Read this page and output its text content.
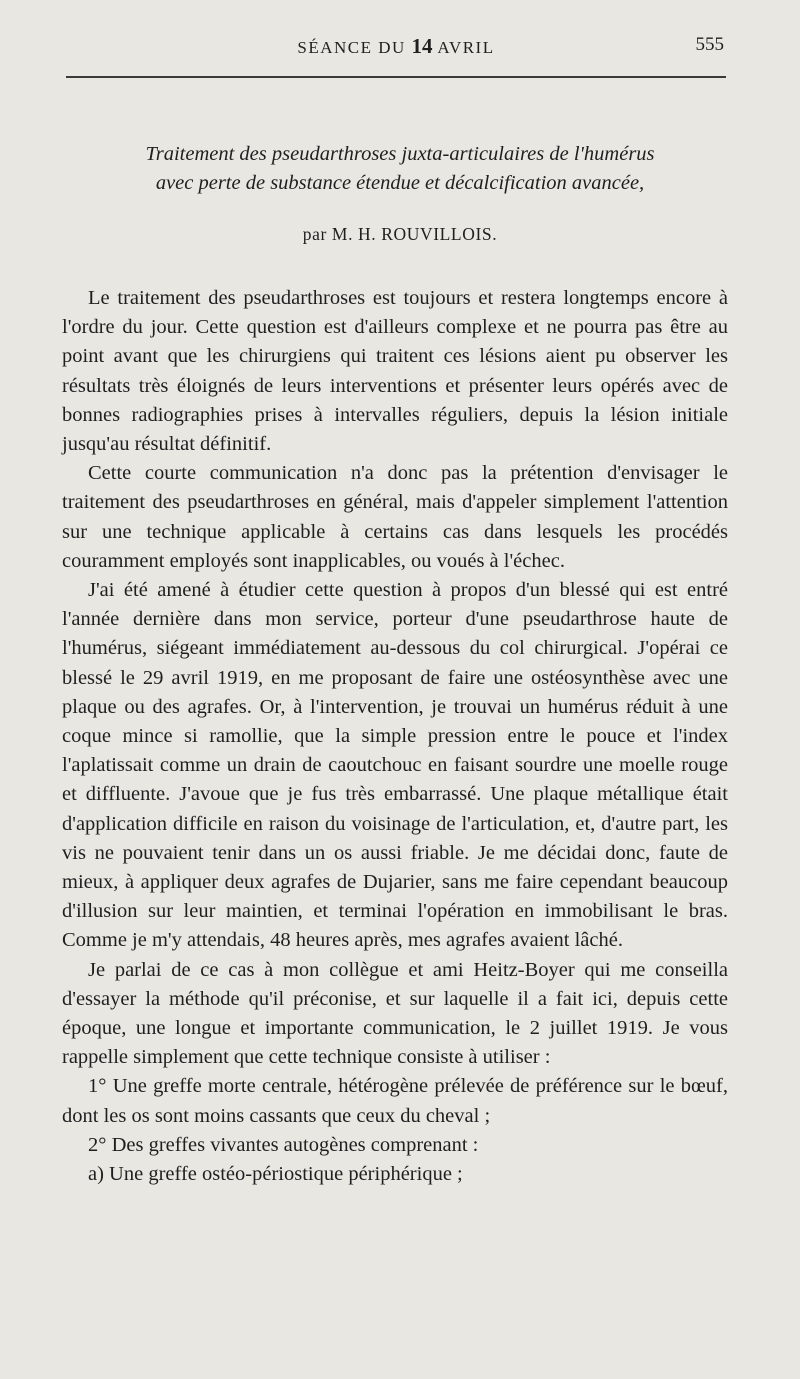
SÉANCE DU 14 AVRIL	555
Traitement des pseudarthroses juxta-articulaires de l'humérus
avec perte de substance étendue et décalcification avancée,
par M. H. ROUVILLOIS.

Le traitement des pseudarthroses est toujours et restera longtemps encore à l'ordre du jour. Cette question est d'ailleurs complexe et ne pourra pas être au point avant que les chirurgiens qui traitent ces lésions aient pu observer les résultats très éloignés de leurs interventions et présenter leurs opérés avec de bonnes radiographies prises à intervalles réguliers, depuis la lésion initiale jusqu'au résultat définitif.

Cette courte communication n'a donc pas la prétention d'envisager le traitement des pseudarthroses en général, mais d'appeler simplement l'attention sur une technique applicable à certains cas dans lesquels les procédés couramment employés sont inapplicables, ou voués à l'échec.

J'ai été amené à étudier cette question à propos d'un blessé qui est entré l'année dernière dans mon service, porteur d'une pseudarthrose haute de l'humérus, siégeant immédiatement au-dessous du col chirurgical. J'opérai ce blessé le 29 avril 1919, en me proposant de faire une ostéosynthèse avec une plaque ou des agrafes. Or, à l'intervention, je trouvai un humérus réduit à une coque mince si ramollie, que la simple pression entre le pouce et l'index l'aplatissait comme un drain de caoutchouc en faisant sourdre une moelle rouge et diffluente. J'avoue que je fus très embarrassé. Une plaque métallique était d'application difficile en raison du voisinage de l'articulation, et, d'autre part, les vis ne pouvaient tenir dans un os aussi friable. Je me décidai donc, faute de mieux, à appliquer deux agrafes de Dujarier, sans me faire cependant beaucoup d'illusion sur leur maintien, et terminai l'opération en immobilisant le bras. Comme je m'y attendais, 48 heures après, mes agrafes avaient lâché.

Je parlai de ce cas à mon collègue et ami Heitz-Boyer qui me conseilla d'essayer la méthode qu'il préconise, et sur laquelle il a fait ici, depuis cette époque, une longue et importante communication, le 2 juillet 1919. Je vous rappelle simplement que cette technique consiste à utiliser :

1° Une greffe morte centrale, hétérogène prélevée de préférence sur le bœuf, dont les os sont moins cassants que ceux du cheval ;

2° Des greffes vivantes autogènes comprenant :

a) Une greffe ostéo-périostique périphérique ;
